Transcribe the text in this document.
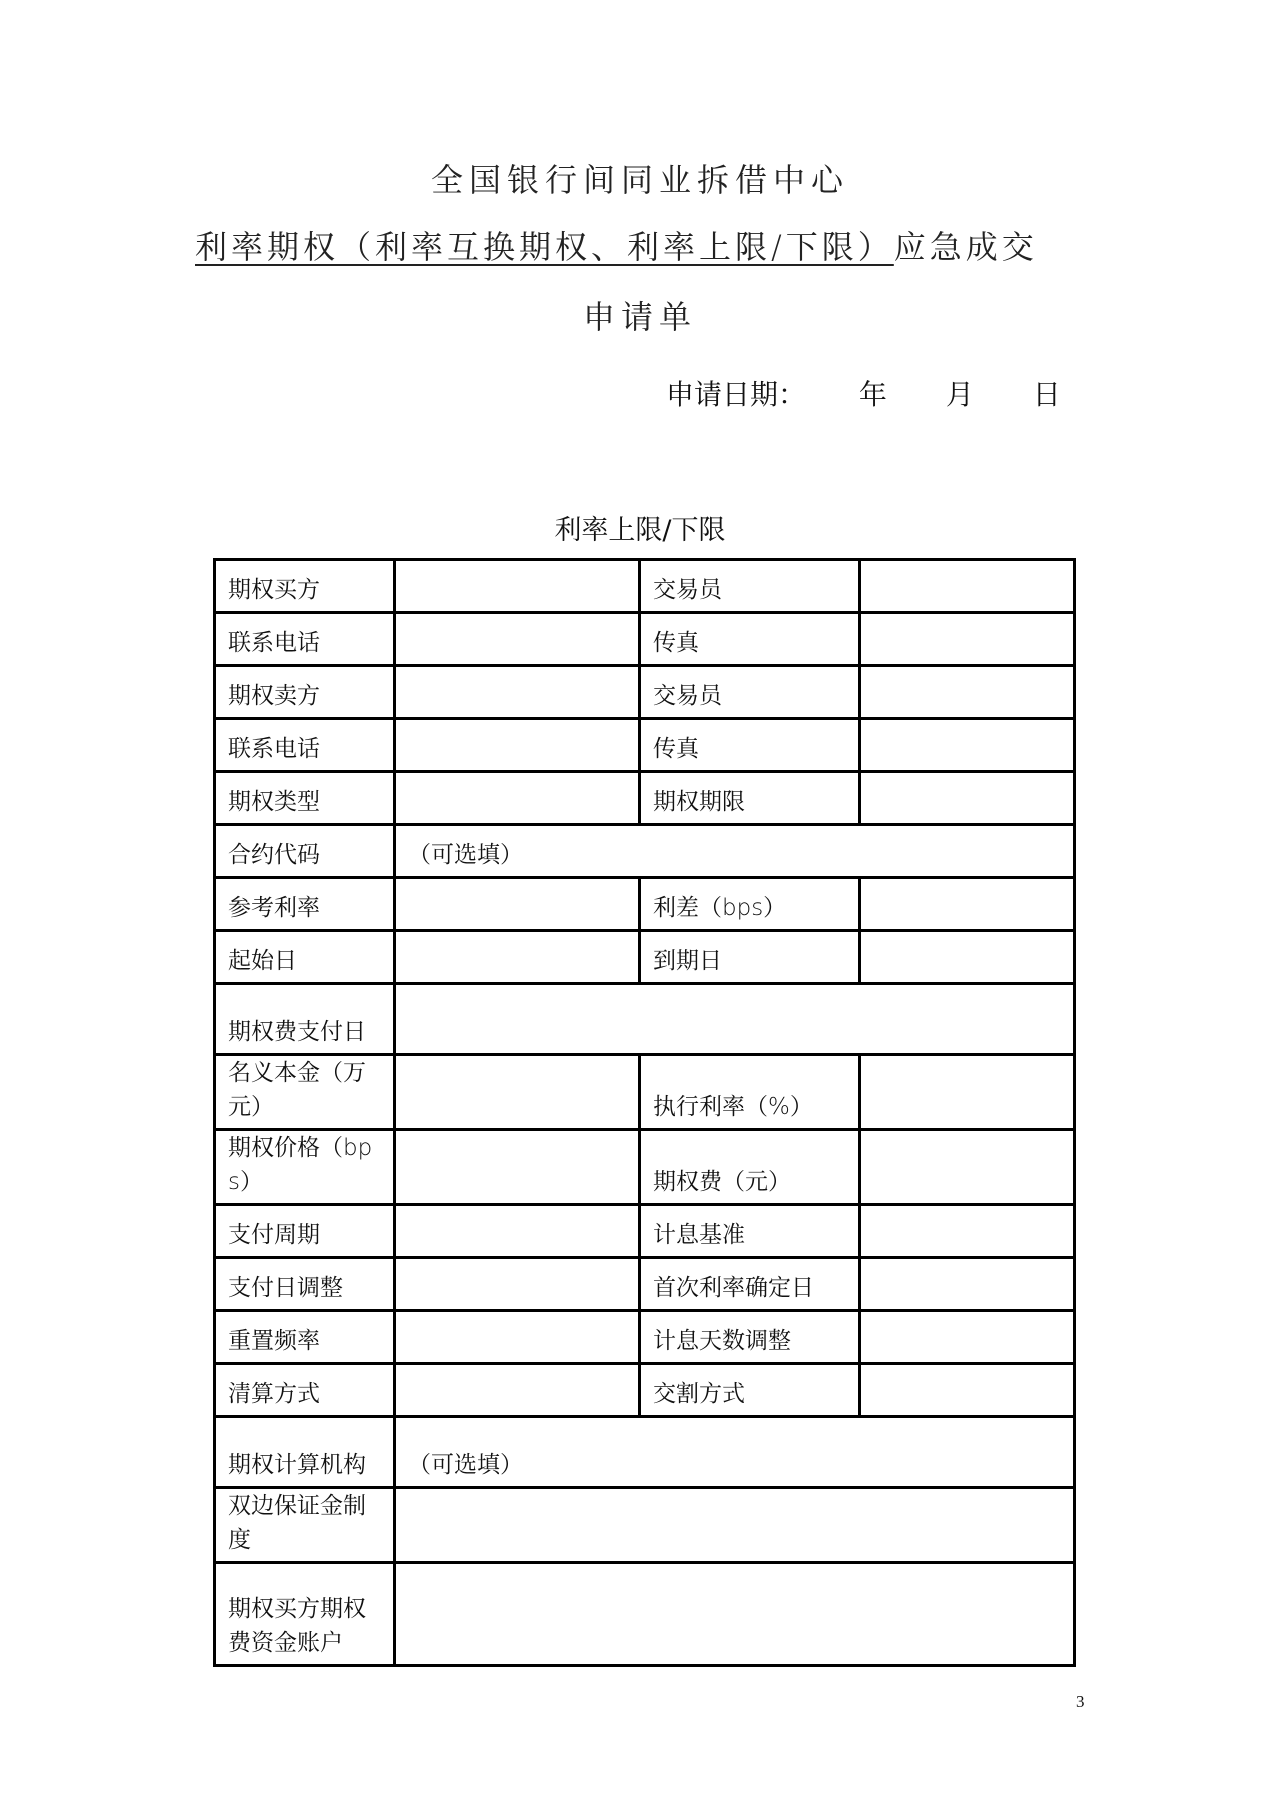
全国银行间同业拆借中心
利率期权（利率互换期权、利率上限/下限）应急成交
申请单
申请日期： 年 月 日
利率上限/下限
期权买方		交易员	
联系电话		传真	
期权卖方		交易员	
联系电话		传真	
期权类型		期权期限	
合约代码	（可选填）		
参考利率		利差（bps）	
起始日		到期日	
期权费支付日			
名义本金（万元）		执行利率（%）	
期权价格（bps）		期权费（元）	
支付周期		计息基准	
支付日调整		首次利率确定日	
重置频率		计息天数调整	
清算方式		交割方式	
期权计算机构	（可选填）		
双边保证金制度			
期权买方期权费资金账户			
3
